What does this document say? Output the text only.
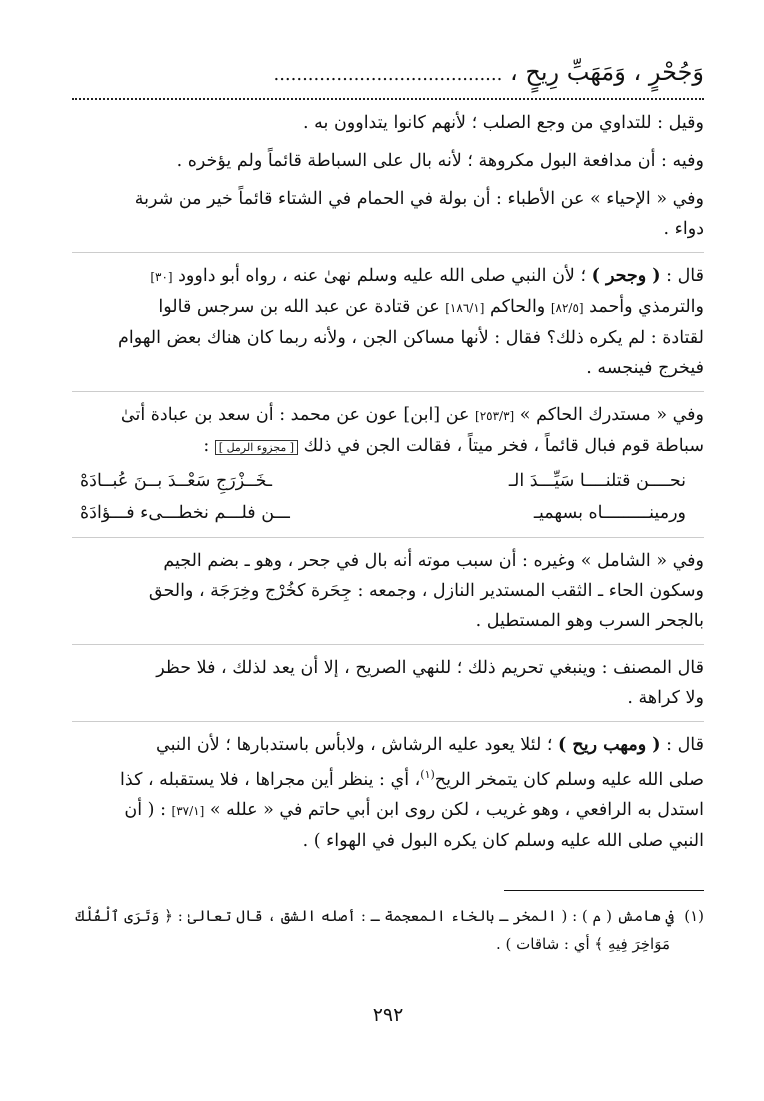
وَجُحْرٍ ، وَمَهَبِّ رِيحٍ ، ........................................

وقيل : للتداوي من وجع الصلب ؛ لأنهم كانوا يتداوون به .

وفيه : أن مدافعة البول مكروهة ؛ لأنه بال على السباطة قائماً ولم يؤخره .

وفي « الإحياء » عن الأطباء : أن بولة في الحمام في الشتاء قائماً خير من شربة

دواء .

قال : ( وجحر ) ؛ لأن النبي صلى الله عليه وسلم نهىٰ عنه ، رواه أبو داوود [٣٠]

والترمذي وأحمد [٨٢/٥] والحاكم [١٨٦/١] عن قتادة عن عبد الله بن سرجس قالوا

لقتادة : لم يكره ذلك؟ فقال : لأنها مساكن الجن ، ولأنه ربما كان هناك بعض الهوام

فيخرج فينجسه .

وفي « مستدرك الحاكم » [٢٥٣/٣] عن [ابن] عون عن محمد : أن سعد بن عبادة أتىٰ

سباطة قوم فبال قائماً ، فخر ميتاً ، فقالت الجن في ذلك [ مجزوء الرمل ] :

نحــــن قتلنــــا سَيِّـــدَ الـ
ـخَــزْرَجِ سَعْــدَ بــنَ عُبــادَهْ
ورمينـــــــــاه بسهميـ
ـــن فلـــم نخطـــىء فـــؤادَهْ

وفي « الشامل » وغيره : أن سبب موته أنه بال في جحر ، وهو ـ بضم الجيم

وسكون الحاء ـ الثقب المستدير النازل ، وجمعه : جِحَرة كخُرْج وخِرَجَة ، والحق

بالجحر السرب وهو المستطيل .

قال المصنف : وينبغي تحريم ذلك ؛ للنهي الصريح ، إلا أن يعد لذلك ، فلا حظر

ولا كراهة .

قال : ( ومهب ريح ) ؛ لئلا يعود عليه الرشاش ، ولابأس باستدبارها ؛ لأن النبي

صلى الله عليه وسلم كان يتمخر الريح$^{(١)}$، أي : ينظر أين مجراها ، فلا يستقبله ، كذا

استدل به الرافعي ، وهو غريب ، لكن روى ابن أبي حاتم في « علله » [٣٧/١] : ( أن

النبي صلى الله عليه وسلم كان يكره البول في الهواء ) .

(١)في هامش ( م ) : ( المخر ـ بالخاء المعجمة ـ : أصله الشق ، قال تعالىٰ : ﴿ وَتَرَى ٱلْفُلْكَ

مَوَاخِرَ فِيهِ ﴾ أي : شاقات ) .

٢٩٢
